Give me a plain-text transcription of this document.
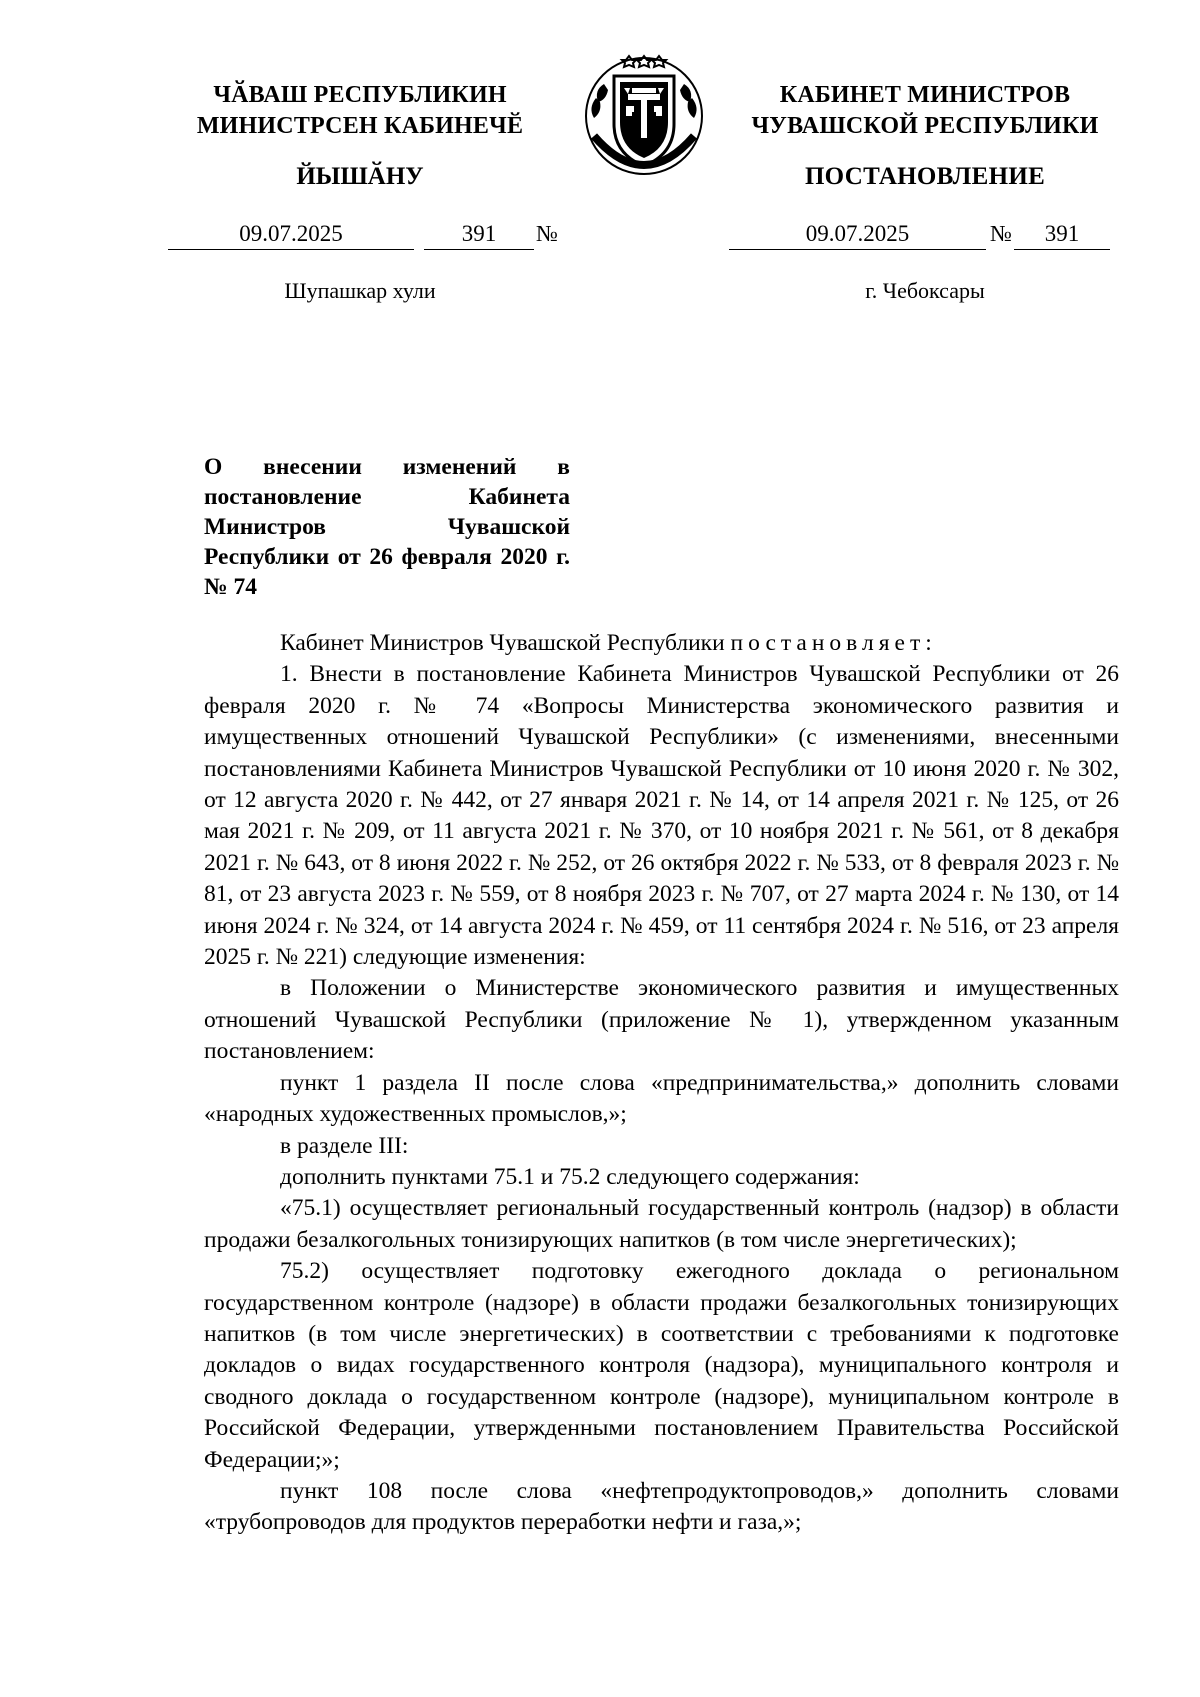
ЧӐВАШ РЕСПУБЛИКИН
МИНИСТРСЕН КАБИНЕЧӖ
ЙЫШӐНУ
КАБИНЕТ МИНИСТРОВ
ЧУВАШСКОЙ РЕСПУБЛИКИ
ПОСТАНОВЛЕНИЕ
09.07.2025	391	№	09.07.2025	№	391
Шупашкар хули	г. Чебоксары
О внесении изменений в постановление Кабинета Министров Чувашской Республики от 26 февраля 2020 г. № 74

Кабинет Министров Чувашской Республики постановляет:

1. Внести в постановление Кабинета Министров Чувашской Республики от 26 февраля 2020 г. № 74 «Вопросы Министерства экономического развития и имущественных отношений Чувашской Республики» (с изменениями, внесенными постановлениями Кабинета Министров Чувашской Республики от 10 июня 2020 г. № 302, от 12 августа 2020 г. № 442, от 27 января 2021 г. № 14, от 14 апреля 2021 г. № 125, от 26 мая 2021 г. № 209, от 11 августа 2021 г. № 370, от 10 ноября 2021 г. № 561, от 8 декабря 2021 г. № 643, от 8 июня 2022 г. № 252, от 26 октября 2022 г. № 533, от 8 февраля 2023 г. № 81, от 23 августа 2023 г. № 559, от 8 ноября 2023 г. № 707, от 27 марта 2024 г. № 130, от 14 июня 2024 г. № 324, от 14 августа 2024 г. № 459, от 11 сентября 2024 г. № 516, от 23 апреля 2025 г. № 221) следующие изменения:

в Положении о Министерстве экономического развития и имущественных отношений Чувашской Республики (приложение № 1), утвержденном указанным постановлением:

пункт 1 раздела II после слова «предпринимательства,» дополнить словами «народных художественных промыслов,»;

в разделе III:

дополнить пунктами 75.1 и 75.2 следующего содержания:

«75.1) осуществляет региональный государственный контроль (надзор) в области продажи безалкогольных тонизирующих напитков (в том числе энергетических);

75.2) осуществляет подготовку ежегодного доклада о региональном государственном контроле (надзоре) в области продажи безалкогольных тонизирующих напитков (в том числе энергетических) в соответствии с требованиями к подготовке докладов о видах государственного контроля (надзора), муниципального контроля и сводного доклада о государственном контроле (надзоре), муниципальном контроле в Российской Федерации, утвержденными постановлением Правительства Российской Федерации;»;

пункт 108 после слова «нефтепродуктопроводов,» дополнить словами «трубопроводов для продуктов переработки нефти и газа,»;
